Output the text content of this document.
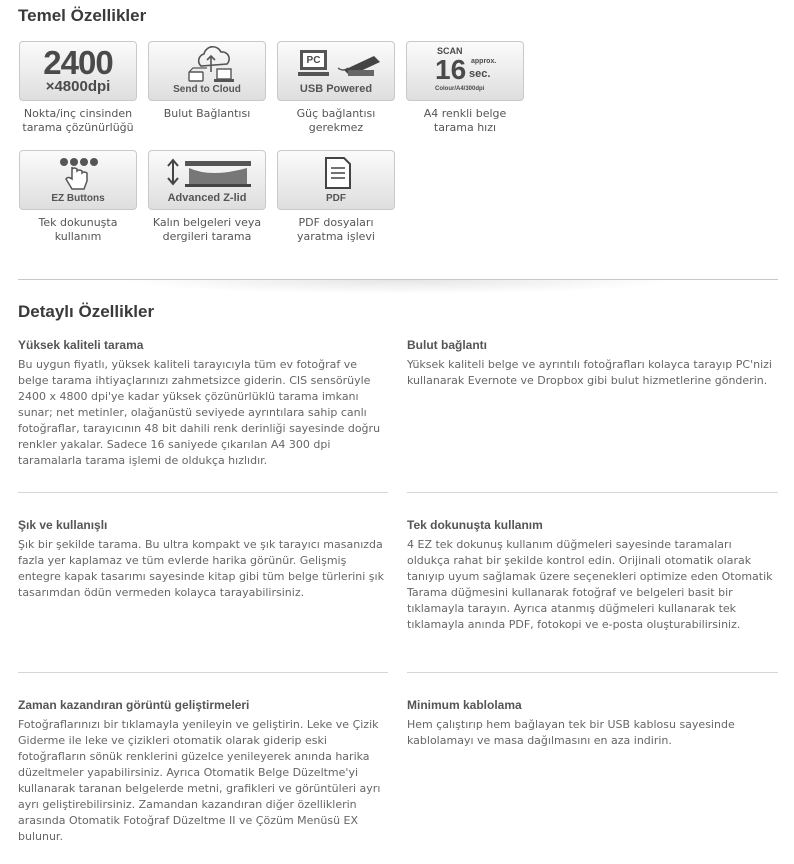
Temel Özellikler
2400
×4800dpi
Nokta/inç cinsinden tarama çözünürlüğü
Send to Cloud
Bulut Bağlantısı
PC
USB Powered
Güç bağlantısı gerekmez
SCAN
16 approx.
sec.
Colour/A4/300dpi
A4 renkli belge tarama hızı
EZ Buttons
Tek dokunuşta kullanım
Advanced Z-lid
Kalın belgeleri veya dergileri tarama
PDF
PDF dosyaları yaratma işlevi
Detaylı Özellikler
Yüksek kaliteli tarama

Bu uygun fiyatlı, yüksek kaliteli tarayıcıyla tüm ev fotoğraf ve belge tarama ihtiyaçlarınızı zahmetsizce giderin. CIS sensörüyle 2400 x 4800 dpi'ye kadar yüksek çözünürlüklü tarama imkanı sunar; net metinler, olağanüstü seviyede ayrıntılara sahip canlı fotoğraflar, tarayıcının 48 bit dahili renk derinliği sayesinde doğru renkler yakalar. Sadece 16 saniyede çıkarılan A4 300 dpi taramalarla tarama işlemi de oldukça hızlıdır.

Bulut bağlantı

Yüksek kaliteli belge ve ayrıntılı fotoğrafları kolayca tarayıp PC'nizi kullanarak Evernote ve Dropbox gibi bulut hizmetlerine gönderin.

Şık ve kullanışlı

Şık bir şekilde tarama. Bu ultra kompakt ve şık tarayıcı masanızda fazla yer kaplamaz ve tüm evlerde harika görünür. Gelişmiş entegre kapak tasarımı sayesinde kitap gibi tüm belge türlerini şık tasarımdan ödün vermeden kolayca tarayabilirsiniz.

Tek dokunuşta kullanım

4 EZ tek dokunuş kullanım düğmeleri sayesinde taramaları oldukça rahat bir şekilde kontrol edin. Orijinali otomatik olarak tanıyıp uyum sağlamak üzere seçenekleri optimize eden Otomatik Tarama düğmesini kullanarak fotoğraf ve belgeleri basit bir tıklamayla tarayın. Ayrıca atanmış düğmeleri kullanarak tek tıklamayla anında PDF, fotokopi ve e-posta oluşturabilirsiniz.

Zaman kazandıran görüntü geliştirmeleri

Fotoğraflarınızı bir tıklamayla yenileyin ve geliştirin. Leke ve Çizik Giderme ile leke ve çizikleri otomatik olarak giderip eski fotoğrafların sönük renklerini güzelce yenileyerek anında harika düzeltmeler yapabilirsiniz. Ayrıca Otomatik Belge Düzeltme'yi kullanarak taranan belgelerde metni, grafikleri ve görüntüleri ayrı ayrı geliştirebilirsiniz. Zamandan kazandıran diğer özelliklerin arasında Otomatik Fotoğraf Düzeltme II ve Çözüm Menüsü EX bulunur.

Minimum kablolama

Hem çalıştırıp hem bağlayan tek bir USB kablosu sayesinde kablolamayı ve masa dağılmasını en aza indirin.
